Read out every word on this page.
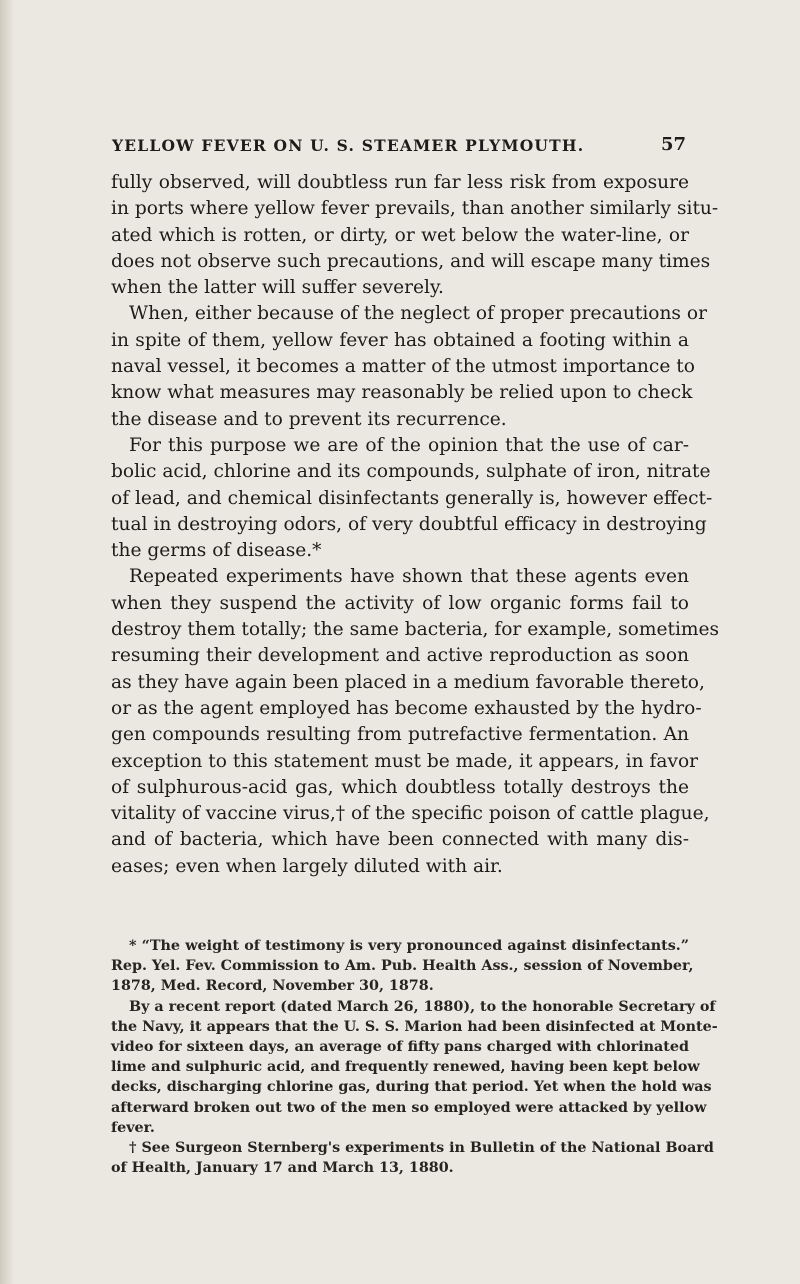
YELLOW FEVER ON U. S. STEAMER PLYMOUTH.	57
fully observed, will doubtless run far less risk from exposure
in ports where yellow fever prevails, than another similarly situ-
ated which is rotten, or dirty, or wet below the water-line, or
does not observe such precautions, and will escape many times
when the latter will suffer severely.
When, either because of the neglect of proper precautions or
in spite of them, yellow fever has obtained a footing within a
naval vessel, it becomes a matter of the utmost importance to
know what measures may reasonably be relied upon to check
the disease and to prevent its recurrence.
For this purpose we are of the opinion that the use of car-
bolic acid, chlorine and its compounds, sulphate of iron, nitrate
of lead, and chemical disinfectants generally is, however effect-
tual in destroying odors, of very doubtful efficacy in destroying
the germs of disease.*
Repeated experiments have shown that these agents even
when they suspend the activity of low organic forms fail to
destroy them totally; the same bacteria, for example, sometimes
resuming their development and active reproduction as soon
as they have again been placed in a medium favorable thereto,
or as the agent employed has become exhausted by the hydro-
gen compounds resulting from putrefactive fermentation. An
exception to this statement must be made, it appears, in favor
of sulphurous-acid gas, which doubtless totally destroys the
vitality of vaccine virus,† of the specific poison of cattle plague,
and of bacteria, which have been connected with many dis-
eases; even when largely diluted with air.
* “The weight of testimony is very pronounced against disinfectants.”
Rep. Yel. Fev. Commission to Am. Pub. Health Ass., session of November,
1878, Med. Record, November 30, 1878.
By a recent report (dated March 26, 1880), to the honorable Secretary of
the Navy, it appears that the U. S. S. Marion had been disinfected at Monte-
video for sixteen days, an average of fifty pans charged with chlorinated
lime and sulphuric acid, and frequently renewed, having been kept below
decks, discharging chlorine gas, during that period. Yet when the hold was
afterward broken out two of the men so employed were attacked by yellow
fever.
† See Surgeon Sternberg's experiments in Bulletin of the National Board
of Health, January 17 and March 13, 1880.
